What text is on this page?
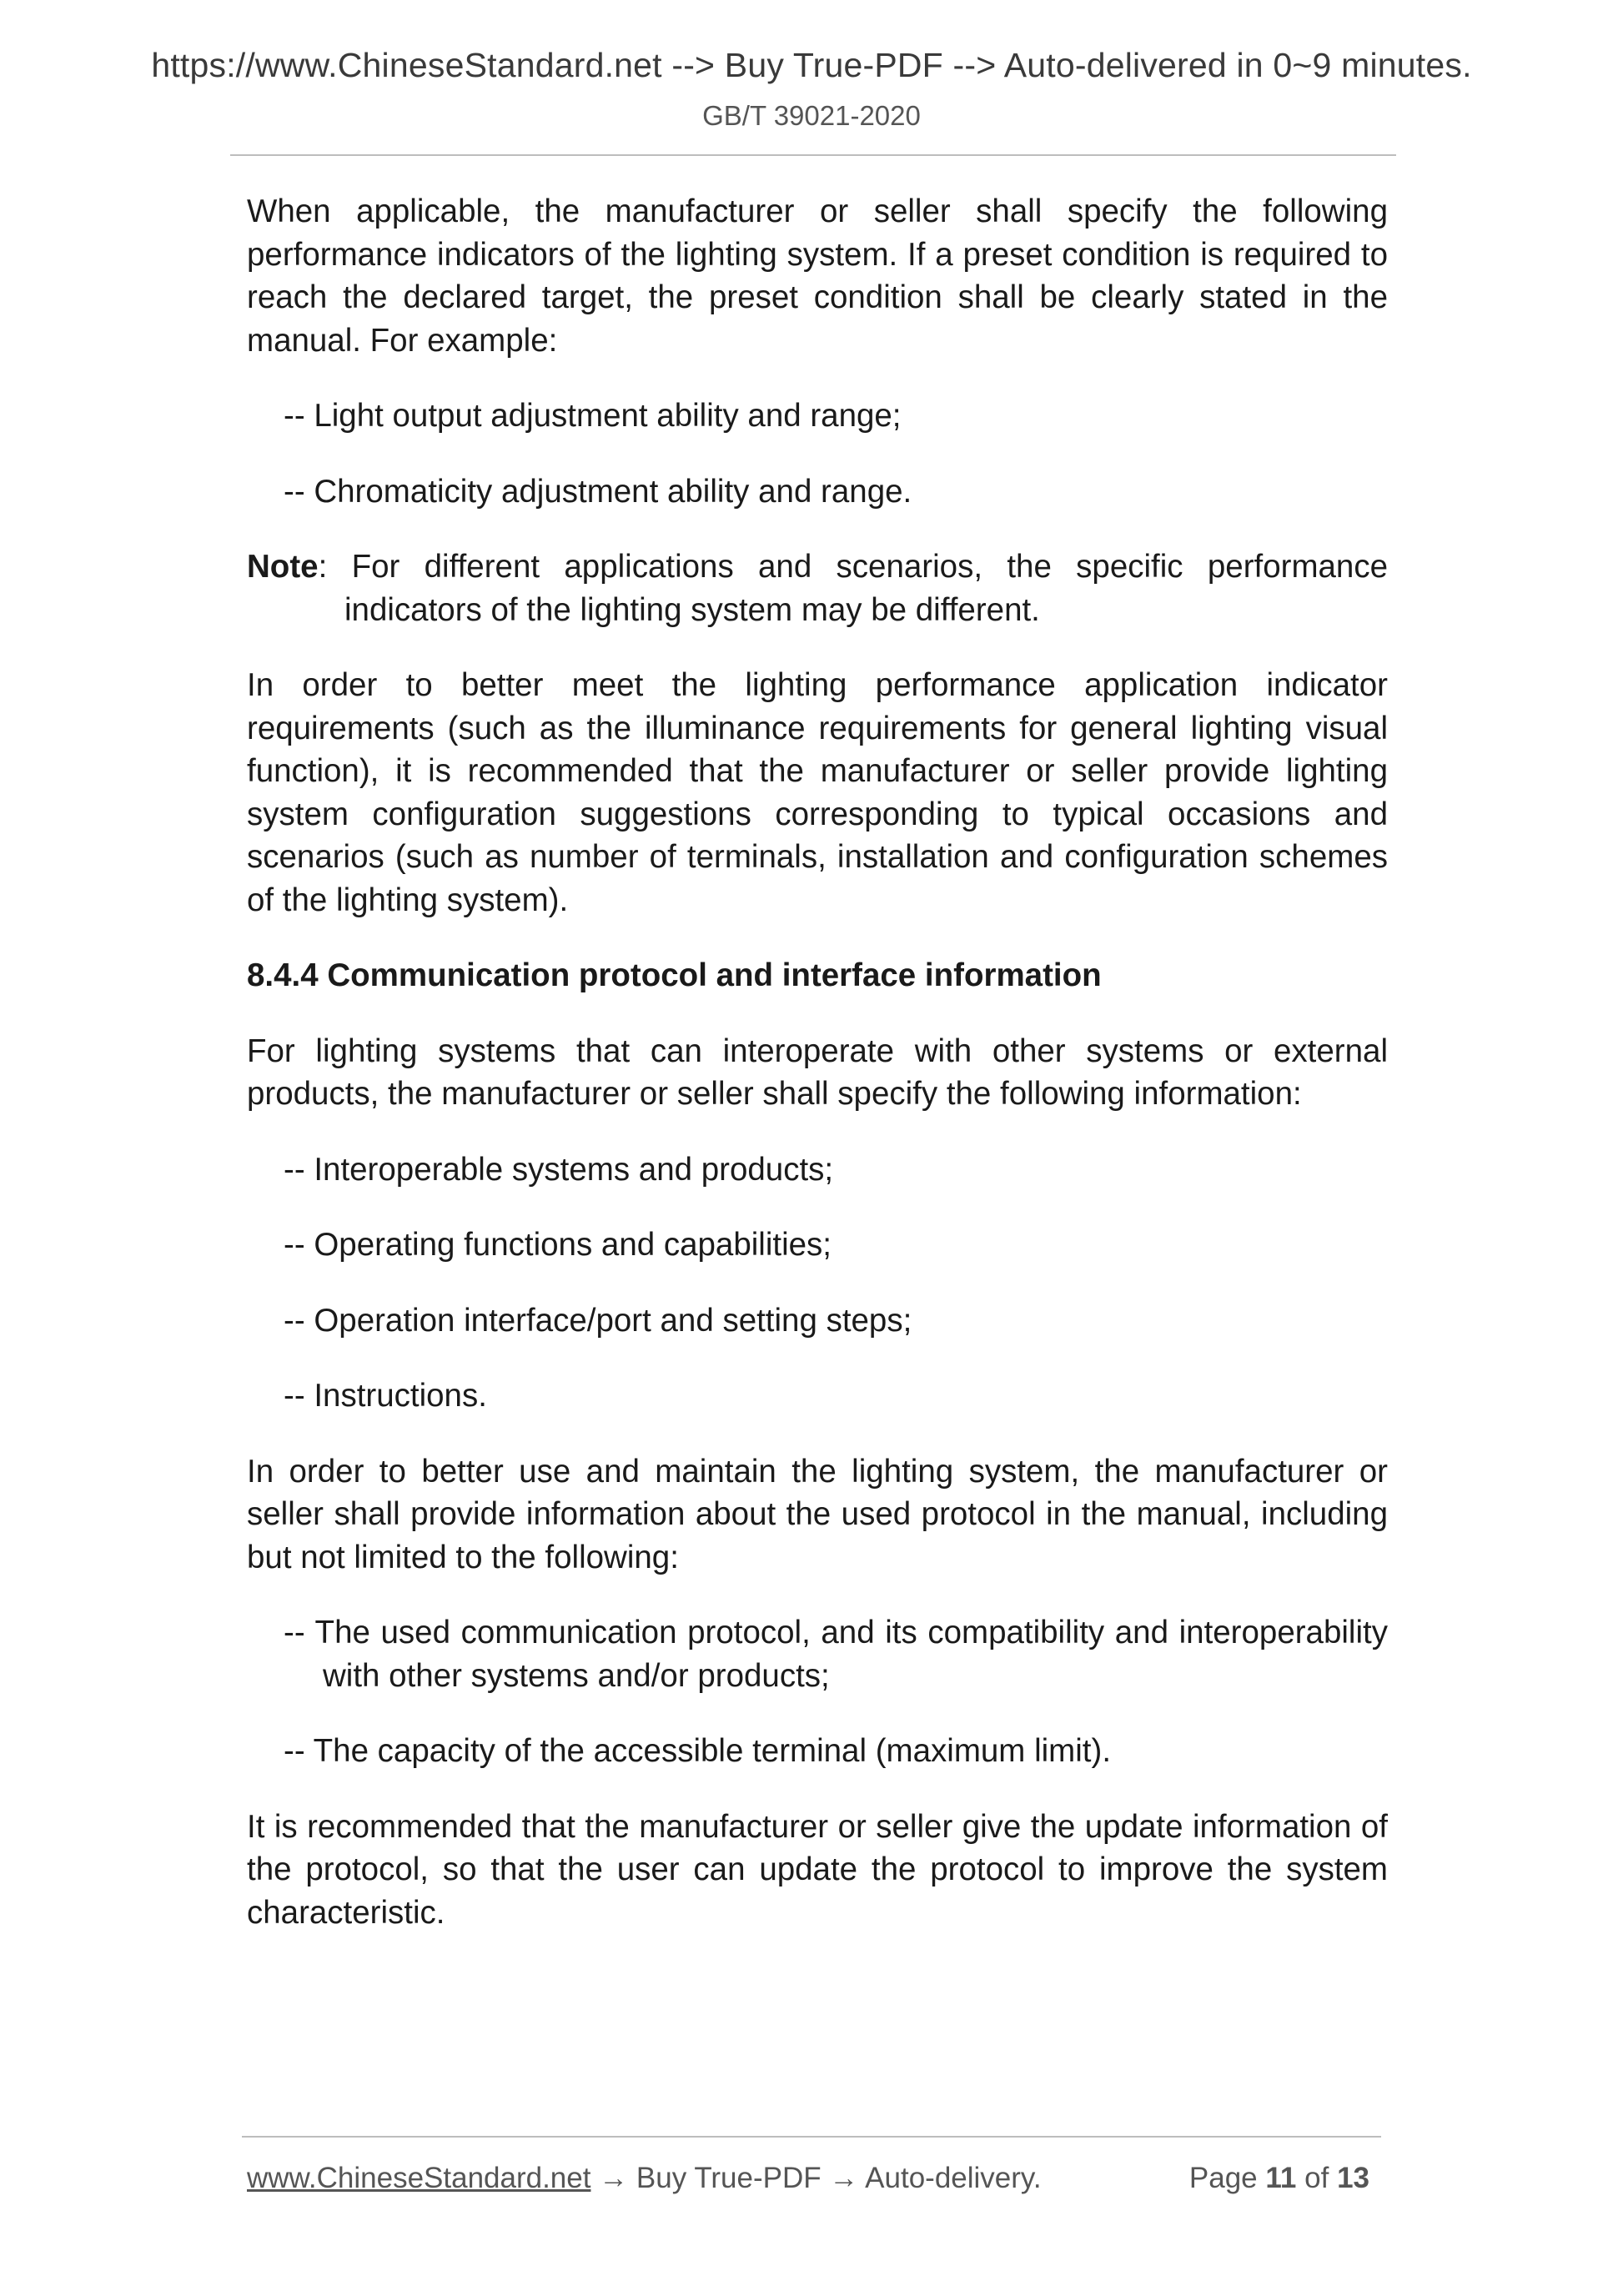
https://www.ChineseStandard.net --> Buy True-PDF --> Auto-delivered in 0~9 minutes.
GB/T 39021-2020

When applicable, the manufacturer or seller shall specify the following performance indicators of the lighting system. If a preset condition is required to reach the declared target, the preset condition shall be clearly stated in the manual. For example:

-- Light output adjustment ability and range;

-- Chromaticity adjustment ability and range.

Note: For different applications and scenarios, the specific performance indicators of the lighting system may be different.

In order to better meet the lighting performance application indicator requirements (such as the illuminance requirements for general lighting visual function), it is recommended that the manufacturer or seller provide lighting system configuration suggestions corresponding to typical occasions and scenarios (such as number of terminals, installation and configuration schemes of the lighting system).

8.4.4 Communication protocol and interface information

For lighting systems that can interoperate with other systems or external products, the manufacturer or seller shall specify the following information:

-- Interoperable systems and products;

-- Operating functions and capabilities;

-- Operation interface/port and setting steps;

-- Instructions.

In order to better use and maintain the lighting system, the manufacturer or seller shall provide information about the used protocol in the manual, including but not limited to the following:

-- The used communication protocol, and its compatibility and interoperability with other systems and/or products;

-- The capacity of the accessible terminal (maximum limit).

It is recommended that the manufacturer or seller give the update information of the protocol, so that the user can update the protocol to improve the system characteristic.

www.ChineseStandard.net → Buy True-PDF → Auto-delivery.	Page 11 of 13
